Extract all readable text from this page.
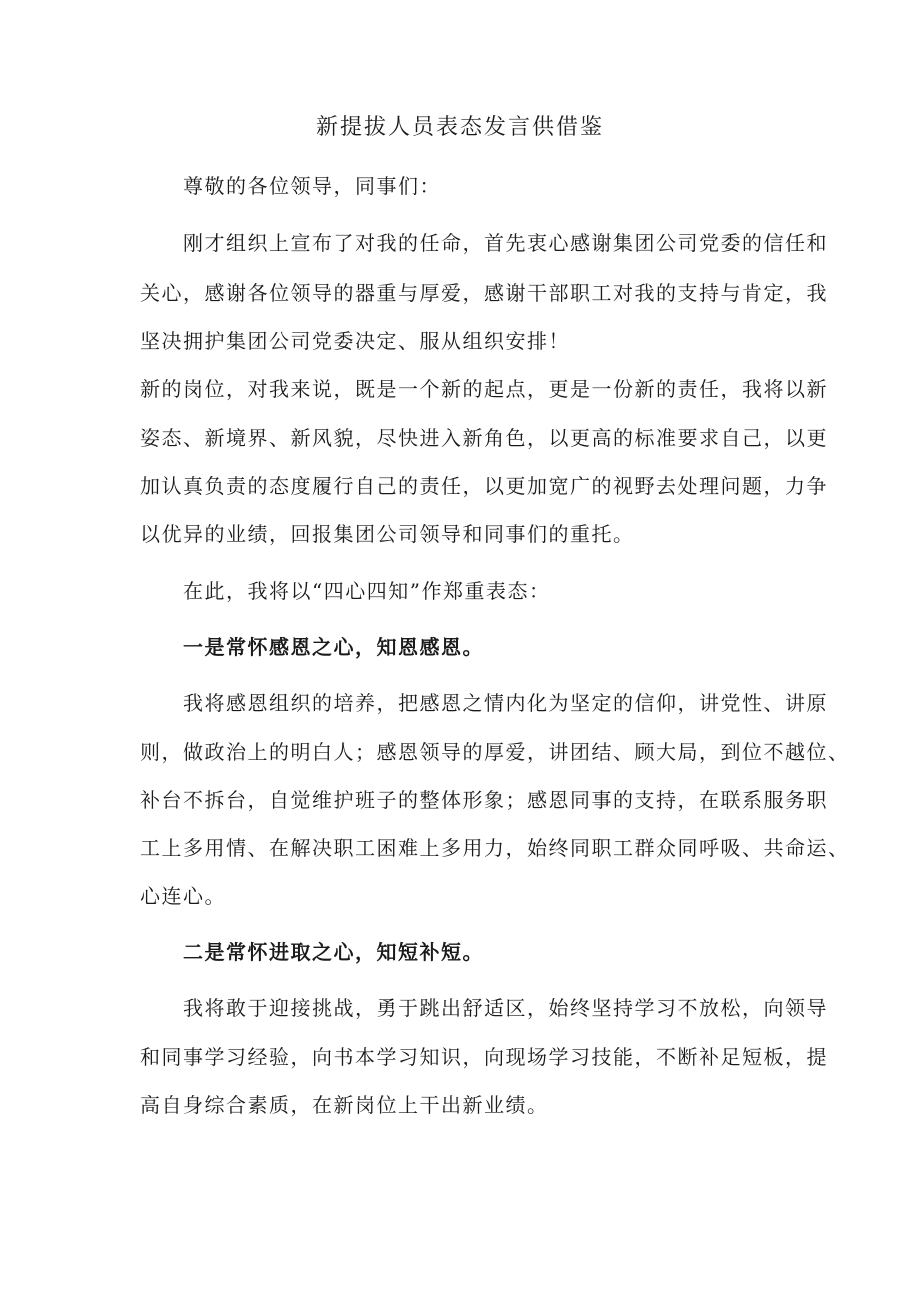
新提拔人员表态发言供借鉴
尊敬的各位领导，同事们：
刚才组织上宣布了对我的任命，首先衷心感谢集团公司党委的信任和
关心，感谢各位领导的器重与厚爱，感谢干部职工对我的支持与肯定，我
坚决拥护集团公司党委决定、服从组织安排！
新的岗位，对我来说，既是一个新的起点，更是一份新的责任，我将以新
姿态、新境界、新风貌，尽快进入新角色，以更高的标准要求自己，以更
加认真负责的态度履行自己的责任，以更加宽广的视野去处理问题，力争
以优异的业绩，回报集团公司领导和同事们的重托。
在此，我将以“四心四知”作郑重表态：
一是常怀感恩之心，知恩感恩。
我将感恩组织的培养，把感恩之情内化为坚定的信仰，讲党性、讲原
则，做政治上的明白人；感恩领导的厚爱，讲团结、顾大局，到位不越位、
补台不拆台，自觉维护班子的整体形象；感恩同事的支持，在联系服务职
工上多用情、在解决职工困难上多用力，始终同职工群众同呼吸、共命运、
心连心。
二是常怀进取之心，知短补短。
我将敢于迎接挑战，勇于跳出舒适区，始终坚持学习不放松，向领导
和同事学习经验，向书本学习知识，向现场学习技能，不断补足短板，提
高自身综合素质，在新岗位上干出新业绩。
